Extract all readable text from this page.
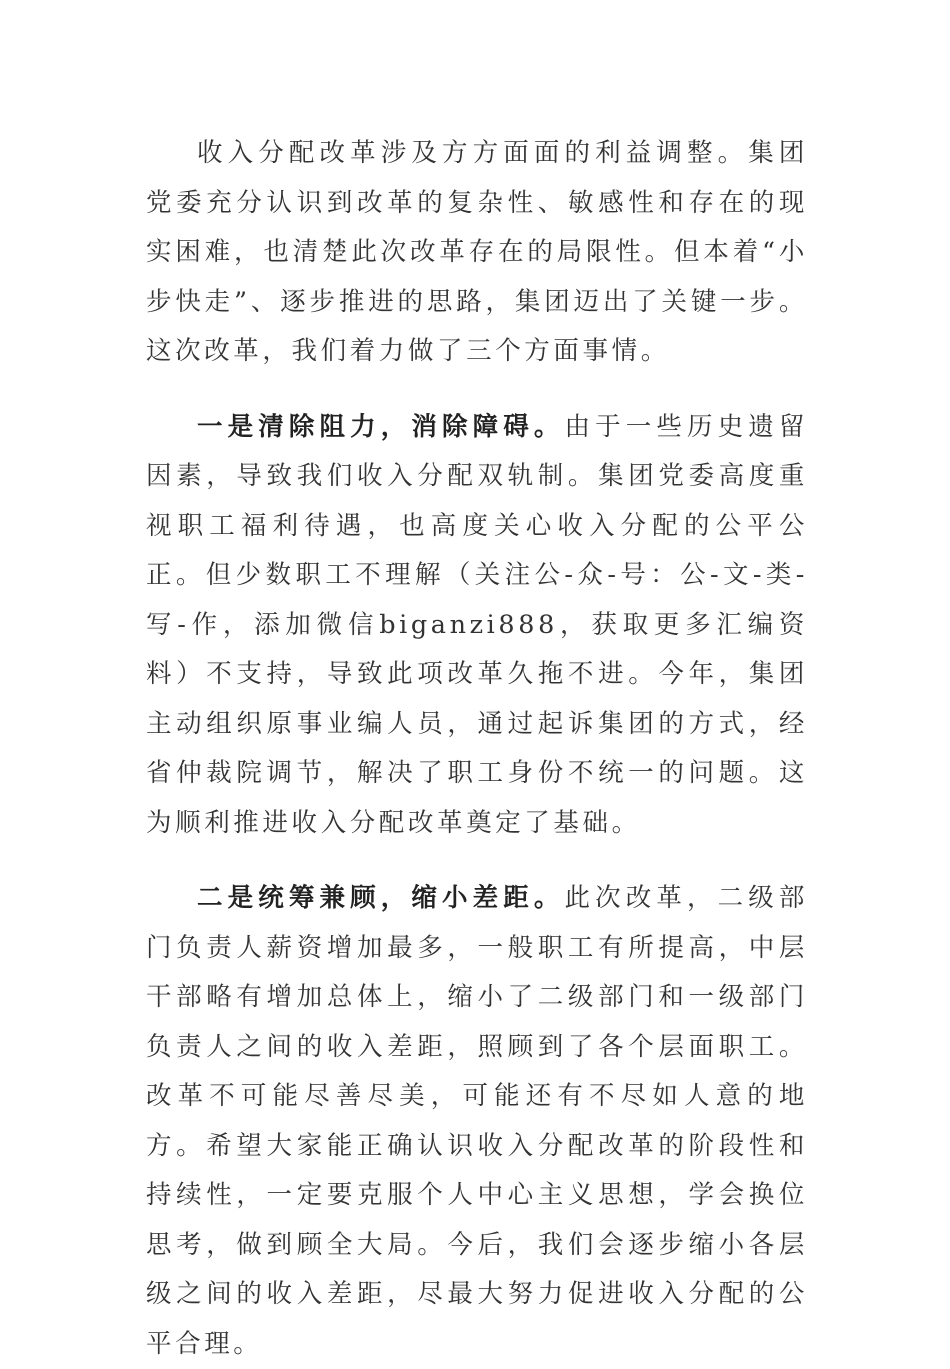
收入分配改革涉及方方面面的利益调整。集团党委充分认识到改革的复杂性、敏感性和存在的现实困难，也清楚此次改革存在的局限性。但本着“小步快走”、逐步推进的思路，集团迈出了关键一步。这次改革，我们着力做了三个方面事情。

一是清除阻力，消除障碍。由于一些历史遗留因素，导致我们收入分配双轨制。集团党委高度重视职工福利待遇，也高度关心收入分配的公平公正。但少数职工不理解（关注公-众-号：公-文-类-写-作，添加微信biganzi888，获取更多汇编资料）不支持，导致此项改革久拖不进。今年，集团主动组织原事业编人员，通过起诉集团的方式，经省仲裁院调节，解决了职工身份不统一的问题。这为顺利推进收入分配改革奠定了基础。

二是统筹兼顾，缩小差距。此次改革，二级部门负责人薪资增加最多，一般职工有所提高，中层干部略有增加总体上，缩小了二级部门和一级部门负责人之间的收入差距，照顾到了各个层面职工。改革不可能尽善尽美，可能还有不尽如人意的地方。希望大家能正确认识收入分配改革的阶段性和持续性，一定要克服个人中心主义思想，学会换位思考，做到顾全大局。今后，我们会逐步缩小各层级之间的收入差距，尽最大努力促进收入分配的公平合理。
